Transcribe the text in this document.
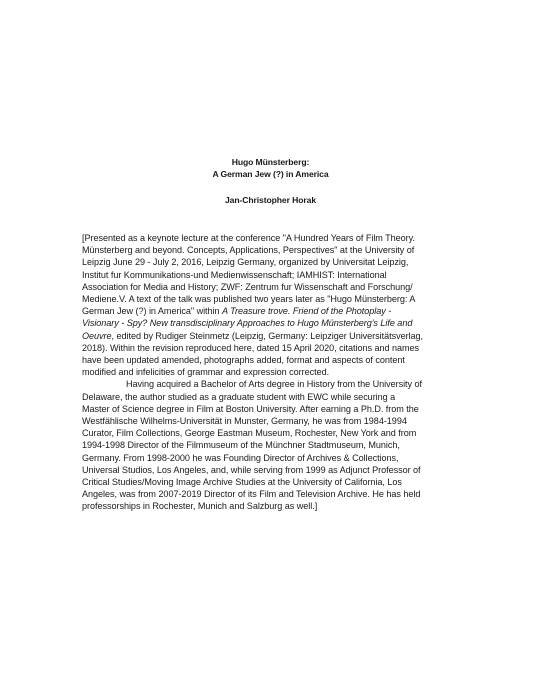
Hugo Münsterberg:
A German Jew (?) in America
Jan-Christopher Horak

[Presented as a keynote lecture at the conference "A Hundred Years of Film Theory.
Münsterberg and beyond. Concepts, Applications, Perspectives" at the University of
Leipzig June 29 - July 2, 2016, Leipzig Germany, organized by Universitat Leipzig,
Institut fur Kommunikations-und Medienwissenschaft; IAMHIST: International
Association for Media and History; ZWF: Zentrum fur Wissenschaft and Forschung/
Mediene.V. A text of the talk was published two years later as "Hugo Münsterberg: A
German Jew (?) in America" within A Treasure trove. Friend of the Photoplay -
Visionary - Spy? New transdisciplinary Approaches to Hugo Münsterberg's Life and
Oeuvre, edited by Rudiger Steinmetz (Leipzig, Germany: Leipziger Universitätsverlag,
2018). Within the revision reproduced here, dated 15 April 2020, citations and names
have been updated amended, photographs added, format and aspects of content
modified and infelicities of grammar and expression corrected.

Having acquired a Bachelor of Arts degree in History from the University of
Delaware, the author studied as a graduate student with EWC while securing a
Master of Science degree in Film at Boston University. After earning a Ph.D. from the
Westfählische Wilhelms-Universität in Munster, Germany, he was from 1984-1994
Curator, Film Collections, George Eastman Museum, Rochester, New York and from
1994-1998 Director of the Filmmuseum of the Münchner Stadtmuseum, Munich,
Germany. From 1998-2000 he was Founding Director of Archives & Collections,
Universal Studios, Los Angeles, and, while serving from 1999 as Adjunct Professor of
Critical Studies/Moving Image Archive Studies at the University of California, Los
Angeles, was from 2007-2019 Director of its Film and Television Archive. He has held
professorships in Rochester, Munich and Salzburg as well.]
